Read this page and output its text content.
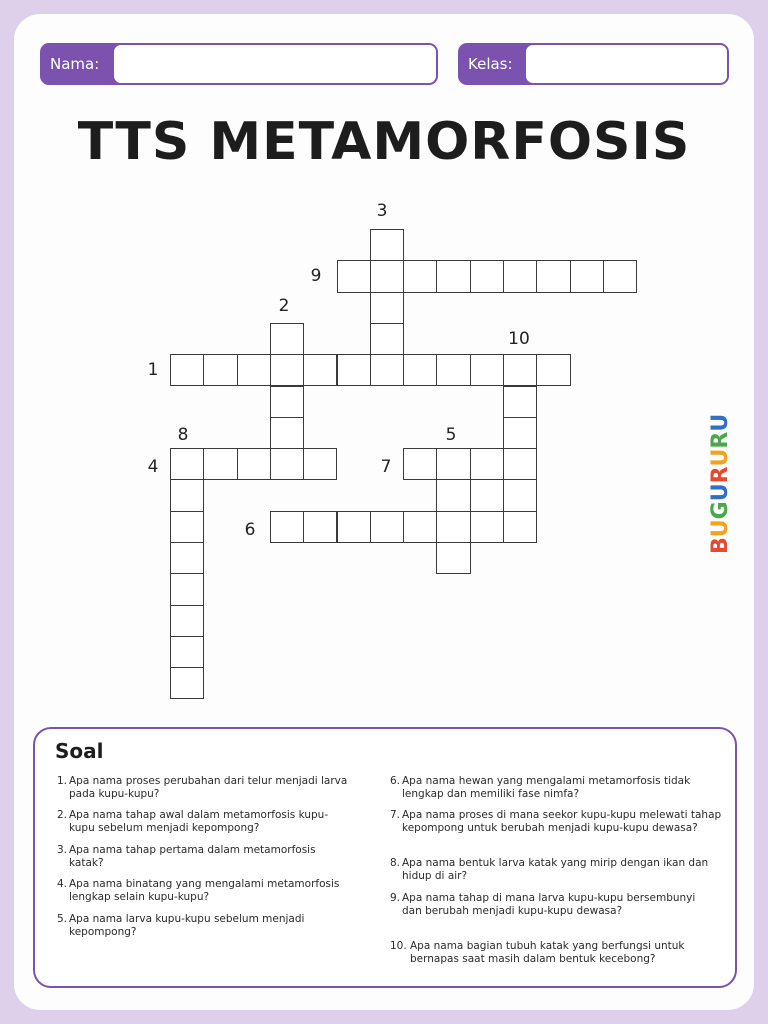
Nama:	Kelas:
TTS METAMORFOSIS
1
2
3
4
5
6
7
8
9
10
BUGURURU
Soal
1. Apa nama proses perubahan dari telur menjadi larva pada kupu-kupu?
2. Apa nama tahap awal dalam metamorfosis kupu-kupu sebelum menjadi kepompong?
3. Apa nama tahap pertama dalam metamorfosis katak?
4. Apa nama binatang yang mengalami metamorfosis lengkap selain kupu-kupu?
5. Apa nama larva kupu-kupu sebelum menjadi kepompong?
6. Apa nama hewan yang mengalami metamorfosis tidak lengkap dan memiliki fase nimfa?
7. Apa nama proses di mana seekor kupu-kupu melewati tahap kepompong untuk berubah menjadi kupu-kupu dewasa?
8. Apa nama bentuk larva katak yang mirip dengan ikan dan hidup di air?
9. Apa nama tahap di mana larva kupu-kupu bersembunyi dan berubah menjadi kupu-kupu dewasa?
10. Apa nama bagian tubuh katak yang berfungsi untuk bernapas saat masih dalam bentuk kecebong?
